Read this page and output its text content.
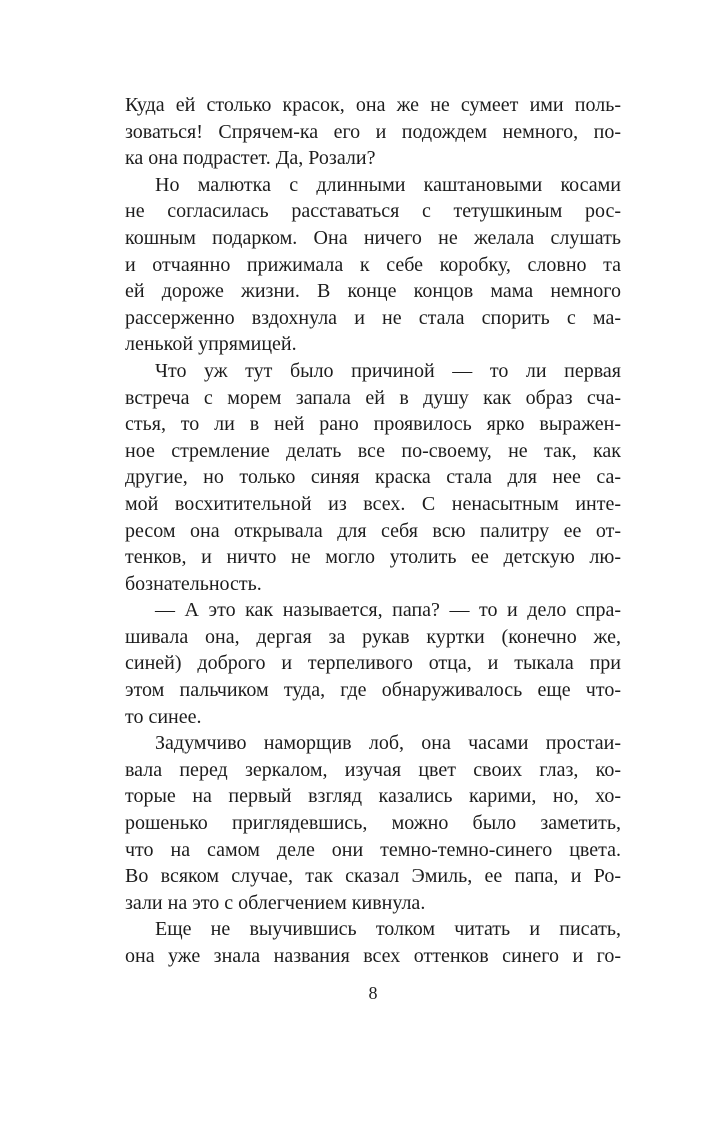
Куда ей столько красок, она же не сумеет ими поль-
зоваться! Спрячем-ка его и подождем немного, по-
ка она подрастет. Да, Розали?
Но малютка с длинными каштановыми косами
не согласилась расставаться с тетушкиным рос-
кошным подарком. Она ничего не желала слушать
и отчаянно прижимала к себе коробку, словно та
ей дороже жизни. В конце концов мама немного
рассерженно вздохнула и не стала спорить с ма-
ленькой упрямицей.
Что уж тут было причиной — то ли первая
встреча с морем запала ей в душу как образ сча-
стья, то ли в ней рано проявилось ярко выражен-
ное стремление делать все по-своему, не так, как
другие, но только синяя краска стала для нее са-
мой восхитительной из всех. С ненасытным инте-
ресом она открывала для себя всю палитру ее от-
тенков, и ничто не могло утолить ее детскую лю-
бознательность.
— А это как называется, папа? — то и дело спра-
шивала она, дергая за рукав куртки (конечно же,
синей) доброго и терпеливого отца, и тыкала при
этом пальчиком туда, где обнаруживалось еще что-
то синее.
Задумчиво наморщив лоб, она часами простаи-
вала перед зеркалом, изучая цвет своих глаз, ко-
торые на первый взгляд казались карими, но, хо-
рошенько приглядевшись, можно было заметить,
что на самом деле они темно-темно-синего цвета.
Во всяком случае, так сказал Эмиль, ее папа, и Ро-
зали на это с облегчением кивнула.
Еще не выучившись толком читать и писать,
она уже знала названия всех оттенков синего и го-
8
